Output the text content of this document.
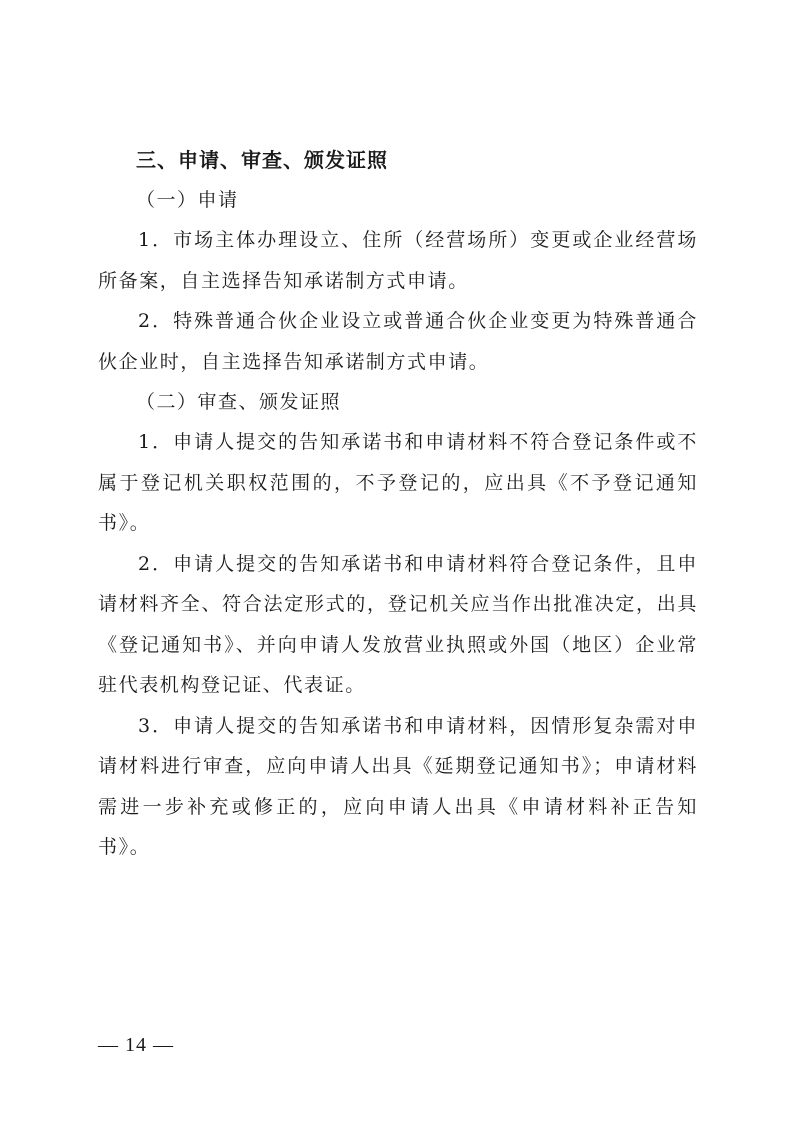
三、申请、审查、颁发证照
（一）申请

1．市场主体办理设立、住所（经营场所）变更或企业经营场所备案，自主选择告知承诺制方式申请。

2．特殊普通合伙企业设立或普通合伙企业变更为特殊普通合伙企业时，自主选择告知承诺制方式申请。

（二）审查、颁发证照

1．申请人提交的告知承诺书和申请材料不符合登记条件或不属于登记机关职权范围的，不予登记的，应出具《不予登记通知书》。

2．申请人提交的告知承诺书和申请材料符合登记条件，且申请材料齐全、符合法定形式的，登记机关应当作出批准决定，出具《登记通知书》、并向申请人发放营业执照或外国（地区）企业常驻代表机构登记证、代表证。

3．申请人提交的告知承诺书和申请材料，因情形复杂需对申请材料进行审查，应向申请人出具《延期登记通知书》；申请材料需进一步补充或修正的，应向申请人出具《申请材料补正告知书》。

— 14 —
